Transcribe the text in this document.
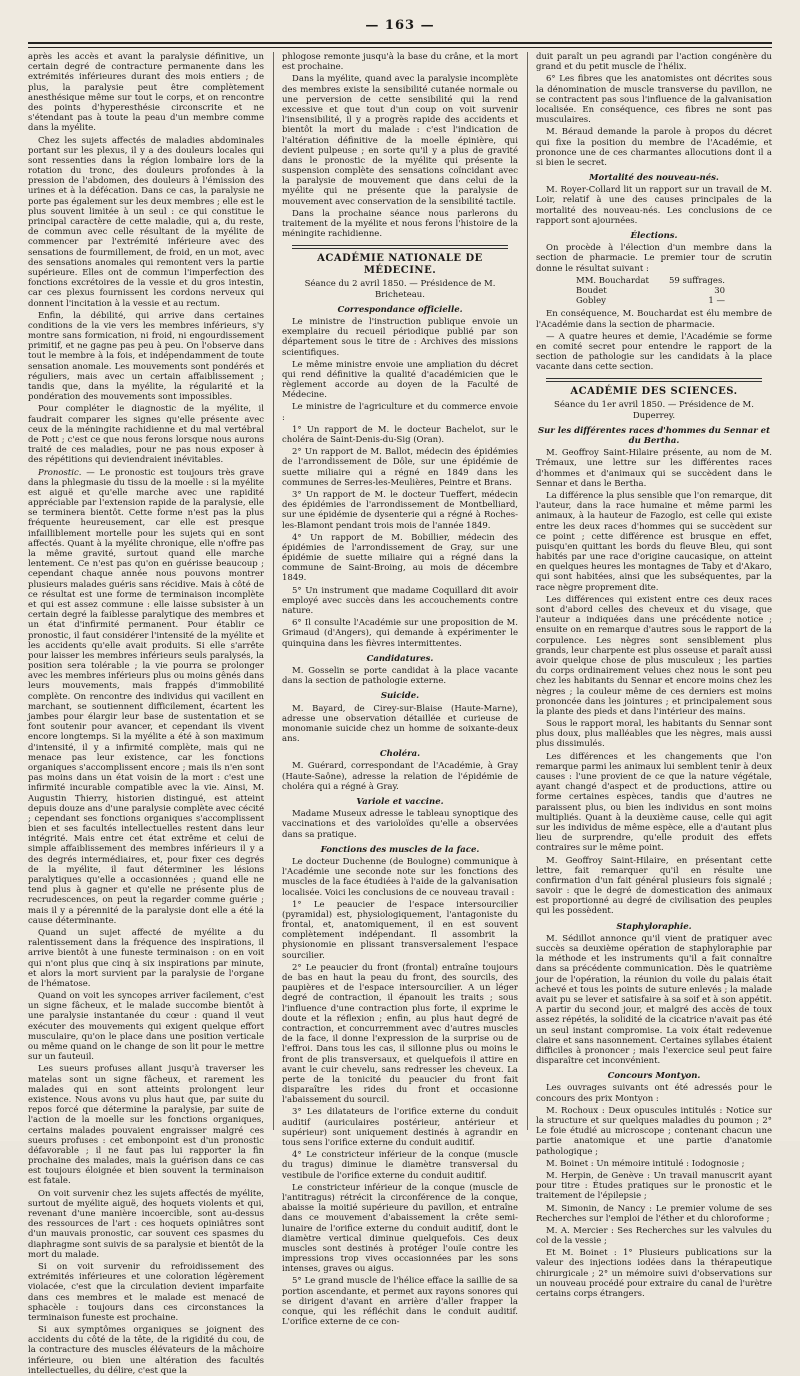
— 163 —

après les accès et avant la paralysie définitive, un certain degré de contracture permanente dans les extrémités inférieures durant des mois entiers ; de plus, la paralysie peut être complètement anesthésique même sur tout le corps, et on rencontre des points d'hyperesthésie circonscrite et ne s'étendant pas à toute la peau d'un membre comme dans la myélite.

Chez les sujets affectés de maladies abdominales portant sur les plexus, il y a des douleurs locales qui sont ressenties dans la région lombaire lors de la rotation du tronc, des douleurs profondes à la pression de l'abdomen, des douleurs à l'émission des urines et à la défécation. Dans ce cas, la paralysie ne porte pas également sur les deux membres ; elle est le plus souvent limitée à un seul : ce qui constitue le principal caractère de cette maladie, qui a, du reste, de commun avec celle résultant de la myélite de commencer par l'extrémité inférieure avec des sensations de fourmillement, de froid, en un mot, avec des sensations anomales qui remontent vers la partie supérieure. Elles ont de commun l'imperfection des fonctions excrétoires de la vessie et du gros intestin, car ces plexus fournissent les cordons nerveux qui donnent l'incitation à la vessie et au rectum.

Enfin, la débilité, qui arrive dans certaines conditions de la vie vers les membres inférieurs, s'y montre sans formication, ni froid, ni engourdissement primitif, et ne gagne pas peu à peu. On l'observe dans tout le membre à la fois, et indépendamment de toute sensation anomale. Les mouvements sont pondérés et réguliers, mais avec un certain affaiblissement ; tandis que, dans la myélite, la régularité et la pondération des mouvements sont impossibles.

Pour compléter le diagnostic de la myélite, il faudrait comparer les signes qu'elle présente avec ceux de la méningite rachidienne et du mal vertébral de Pott ; c'est ce que nous ferons lorsque nous aurons traité de ces maladies, pour ne pas nous exposer à des répétitions qui deviendraient inévitables.

Pronostic. — Le pronostic est toujours très grave dans la phlegmasie du tissu de la moelle : si la myélite est aiguë et qu'elle marche avec une rapidité appréciable par l'extension rapide de la paralysie, elle se terminera bientôt. Cette forme n'est pas la plus fréquente heureusement, car elle est presque infailliblement mortelle pour les sujets qui en sont affectés. Quant à la myélite chronique, elle n'offre pas la même gravité, surtout quand elle marche lentement. Ce n'est pas qu'on en guérisse beaucoup ; cependant chaque année nous pouvons montrer plusieurs malades guéris sans récidive. Mais à côté de ce résultat est une forme de terminaison incomplète et qui est assez commune : elle laisse subsister à un certain degré la faiblesse paralytique des membres et un état d'infirmité permanent. Pour établir ce pronostic, il faut considérer l'intensité de la myélite et les accidents qu'elle avait produits. Si elle s'arrête pour laisser les membres inférieurs seuls paralysés, la position sera tolérable ; la vie pourra se prolonger avec les membres inférieurs plus ou moins gênés dans leurs mouvements, mais frappés d'immobilité complète. On rencontre des individus qui vacillent en marchant, se soutiennent difficilement, écartent les jambes pour élargir leur base de sustentation et se font soutenir pour avancer, et cependant ils vivent encore longtemps. Si la myélite a été à son maximum d'intensité, il y a infirmité complète, mais qui ne menace pas leur existence, car les fonctions organiques s'accomplissent encore ; mais ils n'en sont pas moins dans un état voisin de la mort : c'est une infirmité incurable compatible avec la vie. Ainsi, M. Augustin Thierry, historien distingué, est atteint depuis douze ans d'une paralysie complète avec cécité ; cependant ses fonctions organiques s'accomplissent bien et ses facultés intellectuelles restent dans leur intégrité. Mais entre cet état extrême et celui de simple affaiblissement des membres inférieurs il y a des degrés intermédiaires, et, pour fixer ces degrés de la myélite, il faut déterminer les lésions paralytiques qu'elle a occasionnées ; quand elle ne tend plus à gagner et qu'elle ne présente plus de recrudescences, on peut la regarder comme guérie ; mais il y a pérennité de la paralysie dont elle a été la cause déterminante.

Quand un sujet affecté de myélite a du ralentissement dans la fréquence des inspirations, il arrive bientôt à une funeste terminaison : on en voit qui n'ont plus que cinq à six inspirations par minute, et alors la mort survient par la paralysie de l'organe de l'hématose.

Quand on voit les syncopes arriver facilement, c'est un signe fâcheux, et le malade succombe bientôt à une paralysie instantanée du cœur : quand il veut exécuter des mouvements qui exigent quelque effort musculaire, qu'on le place dans une position verticale ou même quand on le change de son lit pour le mettre sur un fauteuil.

Les sueurs profuses allant jusqu'à traverser les matelas sont un signe fâcheux, et rarement les malades qui en sont atteints prolongent leur existence. Nous avons vu plus haut que, par suite du repos forcé que détermine la paralysie, par suite de l'action de la moelle sur les fonctions organiques, certains malades pouvaient engraisser malgré ces sueurs profuses : cet embonpoint est d'un pronostic défavorable ; il ne faut pas lui rapporter la fin prochaine des malades, mais la guérison dans ce cas est toujours éloignée et bien souvent la terminaison est fatale.

On voit survenir chez les sujets affectés de myélite, surtout de myélite aiguë, des hoquets violents et qui, revenant d'une manière incoercible, sont au-dessus des ressources de l'art : ces hoquets opiniâtres sont d'un mauvais pronostic, car souvent ces spasmes du diaphragme sont suivis de sa paralysie et bientôt de la mort du malade.

Si on voit survenir du refroidissement des extrémités inférieures et une coloration légèrement violacée, c'est que la circulation devient imparfaite dans ces membres et le malade est menacé de sphacèle : toujours dans ces circonstances la terminaison funeste est prochaine.

Si aux symptômes organiques se joignent des accidents du côté de la tête, de la rigidité du cou, de la contracture des muscles élévateurs de la mâchoire inférieure, ou bien une altération des facultés intellectuelles, du délire, c'est que la

phlogose remonte jusqu'à la base du crâne, et la mort est prochaine.

Dans la myélite, quand avec la paralysie incomplète des membres existe la sensibilité cutanée normale ou une perversion de cette sensibilité qui la rend excessive et que tout d'un coup on voit survenir l'insensibilité, il y a progrès rapide des accidents et bientôt la mort du malade : c'est l'indication de l'altération définitive de la moelle épinière, qui devient pulpeuse ; en sorte qu'il y a plus de gravité dans le pronostic de la myélite qui présente la suspension complète des sensations coïncidant avec la paralysie de mouvement que dans celui de la myélite qui ne présente que la paralysie de mouvement avec conservation de la sensibilité tactile.

Dans la prochaine séance nous parlerons du traitement de la myélite et nous ferons l'histoire de la méningite rachidienne.

ACADÉMIE NATIONALE DE MÉDECINE.

Séance du 2 avril 1850. — Présidence de M. Bricheteau.

Correspondance officielle.

Le ministre de l'instruction publique envoie un exemplaire du recueil périodique publié par son département sous le titre de : Archives des missions scientifiques.

Le même ministre envoie une ampliation du décret qui rend définitive la qualité d'académicien que le règlement accorde au doyen de la Faculté de Médecine.

Le ministre de l'agriculture et du commerce envoie :

1° Un rapport de M. le docteur Bachelot, sur le choléra de Saint-Denis-du-Sig (Oran).

2° Un rapport de M. Ballot, médecin des épidémies de l'arrondissement de Dôle, sur une épidémie de suette miliaire qui a régné en 1849 dans les communes de Serres-les-Meulières, Peintre et Brans.

3° Un rapport de M. le docteur Tueffert, médecin des épidémies de l'arrondissement de Montbelliard, sur une épidémie de dysenterie qui a régné à Roches-les-Blamont pendant trois mois de l'année 1849.

4° Un rapport de M. Bobillier, médecin des épidémies de l'arrondissement de Gray, sur une épidémie de suette miliaire qui a régné dans la commune de Saint-Broing, au mois de décembre 1849.

5° Un instrument que madame Coquillard dit avoir employé avec succès dans les accouchements contre nature.

6° Il consulte l'Académie sur une proposition de M. Grimaud (d'Angers), qui demande à expérimenter le quinquina dans les fièvres intermittentes.

Candidatures.

M. Gosselin se porte candidat à la place vacante dans la section de pathologie externe.

Suicide.

M. Bayard, de Cirey-sur-Blaise (Haute-Marne), adresse une observation détaillée et curieuse de monomanie suicide chez un homme de soixante-deux ans.

Choléra.

M. Guérard, correspondant de l'Académie, à Gray (Haute-Saône), adresse la relation de l'épidémie de choléra qui a régné à Gray.

Variole et vaccine.

Madame Museux adresse le tableau synoptique des vaccinations et des varioloïdes qu'elle a observées dans sa pratique.

Fonctions des muscles de la face.

Le docteur Duchenne (de Boulogne) communique à l'Académie une seconde note sur les fonctions des muscles de la face étudiées à l'aide de la galvanisation localisée. Voici les conclusions de ce nouveau travail :

1° Le peaucier de l'espace intersourcilier (pyramidal) est, physiologiquement, l'antagoniste du frontal, et, anatomiquement, il en est souvent complètement indépendant. Il assombrit la physionomie en plissant transversalement l'espace sourcilier.

2° Le peaucier du front (frontal) entraîne toujours de bas en haut la peau du front, des sourcils, des paupières et de l'espace intersourcilier. A un léger degré de contraction, il épanouit les traits ; sous l'influence d'une contraction plus forte, il exprime le doute et la réflexion ; enfin, au plus haut degré de contraction, et concurremment avec d'autres muscles de la face, il donne l'expression de la surprise ou de l'effroi. Dans tous les cas, il sillonne plus ou moins le front de plis transversaux, et quelquefois il attire en avant le cuir chevelu, sans redresser les cheveux. La perte de la tonicité du peaucier du front fait disparaître les rides du front et occasionne l'abaissement du sourcil.

3° Les dilatateurs de l'orifice externe du conduit auditif (auriculaires postérieur, antérieur et supérieur) sont uniquement destinés à agrandir en tous sens l'orifice externe du conduit auditif.

4° Le constricteur inférieur de la conque (muscle du tragus) diminue le diamètre transversal du vestibule de l'orifice externe du conduit auditif.

Le constricteur inférieur de la conque (muscle de l'antitragus) rétrécit la circonférence de la conque, abaisse la moitié supérieure du pavillon, et entraîne dans ce mouvement d'abaissement la crête semi-lunaire de l'orifice externe du conduit auditif, dont le diamètre vertical diminue quelquefois. Ces deux muscles sont destinés à protéger l'ouïe contre les impressions trop vives occasionnées par les sons intenses, graves ou aigus.

5° Le grand muscle de l'hélice efface la saillie de sa portion ascendante, et permet aux rayons sonores qui se dirigent d'avant en arrière d'aller frapper la conque, qui les réfléchit dans le conduit auditif. L'orifice externe de ce con-

duit paraît un peu agrandi par l'action congénère du grand et du petit muscle de l'hélix.

6° Les fibres que les anatomistes ont décrites sous la dénomination de muscle transverse du pavillon, ne se contractent pas sous l'influence de la galvanisation localisée. En conséquence, ces fibres ne sont pas musculaires.

M. Béraud demande la parole à propos du décret qui fixe la position du membre de l'Académie, et prononce une de ces charmantes allocutions dont il a si bien le secret.

Mortalité des nouveau-nés.

M. Royer-Collard lit un rapport sur un travail de M. Loir, relatif à une des causes principales de la mortalité des nouveau-nés. Les conclusions de ce rapport sont ajournées.

Élections.

On procède à l'élection d'un membre dans la section de pharmacie. Le premier tour de scrutin donne le résultat suivant :

MM. Bouchardat	59 suffrages.
Boudet	30
Gobley	1 —

En conséquence, M. Bouchardat est élu membre de l'Académie dans la section de pharmacie.

— A quatre heures et demie, l'Académie se forme en comité secret pour entendre le rapport de la section de pathologie sur les candidats à la place vacante dans cette section.

ACADÉMIE DES SCIENCES.

Séance du 1er avril 1850. — Présidence de M. Duperrey.

Sur les différentes races d'hommes du Sennar et du Bertha.

M. Geoffroy Saint-Hilaire présente, au nom de M. Trémaux, une lettre sur les différentes races d'hommes et d'animaux qui se succèdent dans le Sennar et dans le Bertha.

La différence la plus sensible que l'on remarque, dit l'auteur, dans la race humaine et même parmi les animaux, à la hauteur de Fazoglo, est celle qui existe entre les deux races d'hommes qui se succèdent sur ce point ; cette différence est brusque en effet, puisqu'en quittant les bords du fleuve Bleu, qui sont habités par une race d'origine caucasique, on atteint en quelques heures les montagnes de Taby et d'Akaro, qui sont habitées, ainsi que les subséquentes, par la race nègre proprement dite.

Les différences qui existent entre ces deux races sont d'abord celles des cheveux et du visage, que l'auteur a indiquées dans une précédente notice ; ensuite on en remarque d'autres sous le rapport de la corpulence. Les nègres sont sensiblement plus grands, leur charpente est plus osseuse et paraît aussi avoir quelque chose de plus musculeux ; les parties du corps ordinairement velues chez nous le sont peu chez les habitants du Sennar et encore moins chez les nègres ; la couleur même de ces derniers est moins prononcée dans les jointures ; et principalement sous la plante des pieds et dans l'intérieur des mains.

Sous le rapport moral, les habitants du Sennar sont plus doux, plus malléables que les nègres, mais aussi plus dissimulés.

Les différences et les changements que l'on remarque parmi les animaux lui semblent tenir à deux causes : l'une provient de ce que la nature végétale, ayant changé d'aspect et de productions, attire ou forme certaines espèces, tandis que d'autres ne paraissent plus, ou bien les individus en sont moins multipliés. Quant à la deuxième cause, celle qui agit sur les individus de même espèce, elle a d'autant plus lieu de surprendre, qu'elle produit des effets contraires sur le même point.

M. Geoffroy Saint-Hilaire, en présentant cette lettre, fait remarquer qu'il en résulte une confirmation d'un fait général plusieurs fois signalé ; savoir : que le degré de domestication des animaux est proportionné au degré de civilisation des peuples qui les possèdent.

Staphyloraphie.

M. Sédillot annonce qu'il vient de pratiquer avec succès sa deuxième opération de staphyloraphie par la méthode et les instruments qu'il a fait connaître dans sa précédente communication. Dès le quatrième jour de l'opération, la réunion du voile du palais était achevé et tous les points de suture enlevés ; la malade avait pu se lever et satisfaire à sa soif et à son appétit. A partir du second jour, et malgré des accès de toux assez répétés, la solidité de la cicatrice n'avait pas été un seul instant compromise. La voix était redevenue claire et sans nasonnement. Certaines syllabes étaient difficiles à prononcer ; mais l'exercice seul peut faire disparaître cet inconvénient.

Concours Montyon.

Les ouvrages suivants ont été adressés pour le concours des prix Montyon :

M. Rochoux : Deux opuscules intitulés : Notice sur la structure et sur quelques maladies du poumon ; 2° Le foie étudié au microscope ; contenant chacun une partie anatomique et une partie d'anatomie pathologique ;

M. Boinet : Un mémoire intitulé : Iodognosie ;

M. Herpin, de Genève : Un travail manuscrit ayant pour titre : Études pratiques sur le pronostic et le traitement de l'épilepsie ;

M. Simonin, de Nancy : Le premier volume de ses Recherches sur l'emploi de l'éther et du chloroforme ;

M. A. Mercier : Ses Recherches sur les valvules du col de la vessie ;

Et M. Boinet : 1° Plusieurs publications sur la valeur des injections iodées dans la thérapeutique chirurgicale ; 2° un mémoire suivi d'observations sur un nouveau procédé pour extraire du canal de l'urètre certains corps étrangers.
